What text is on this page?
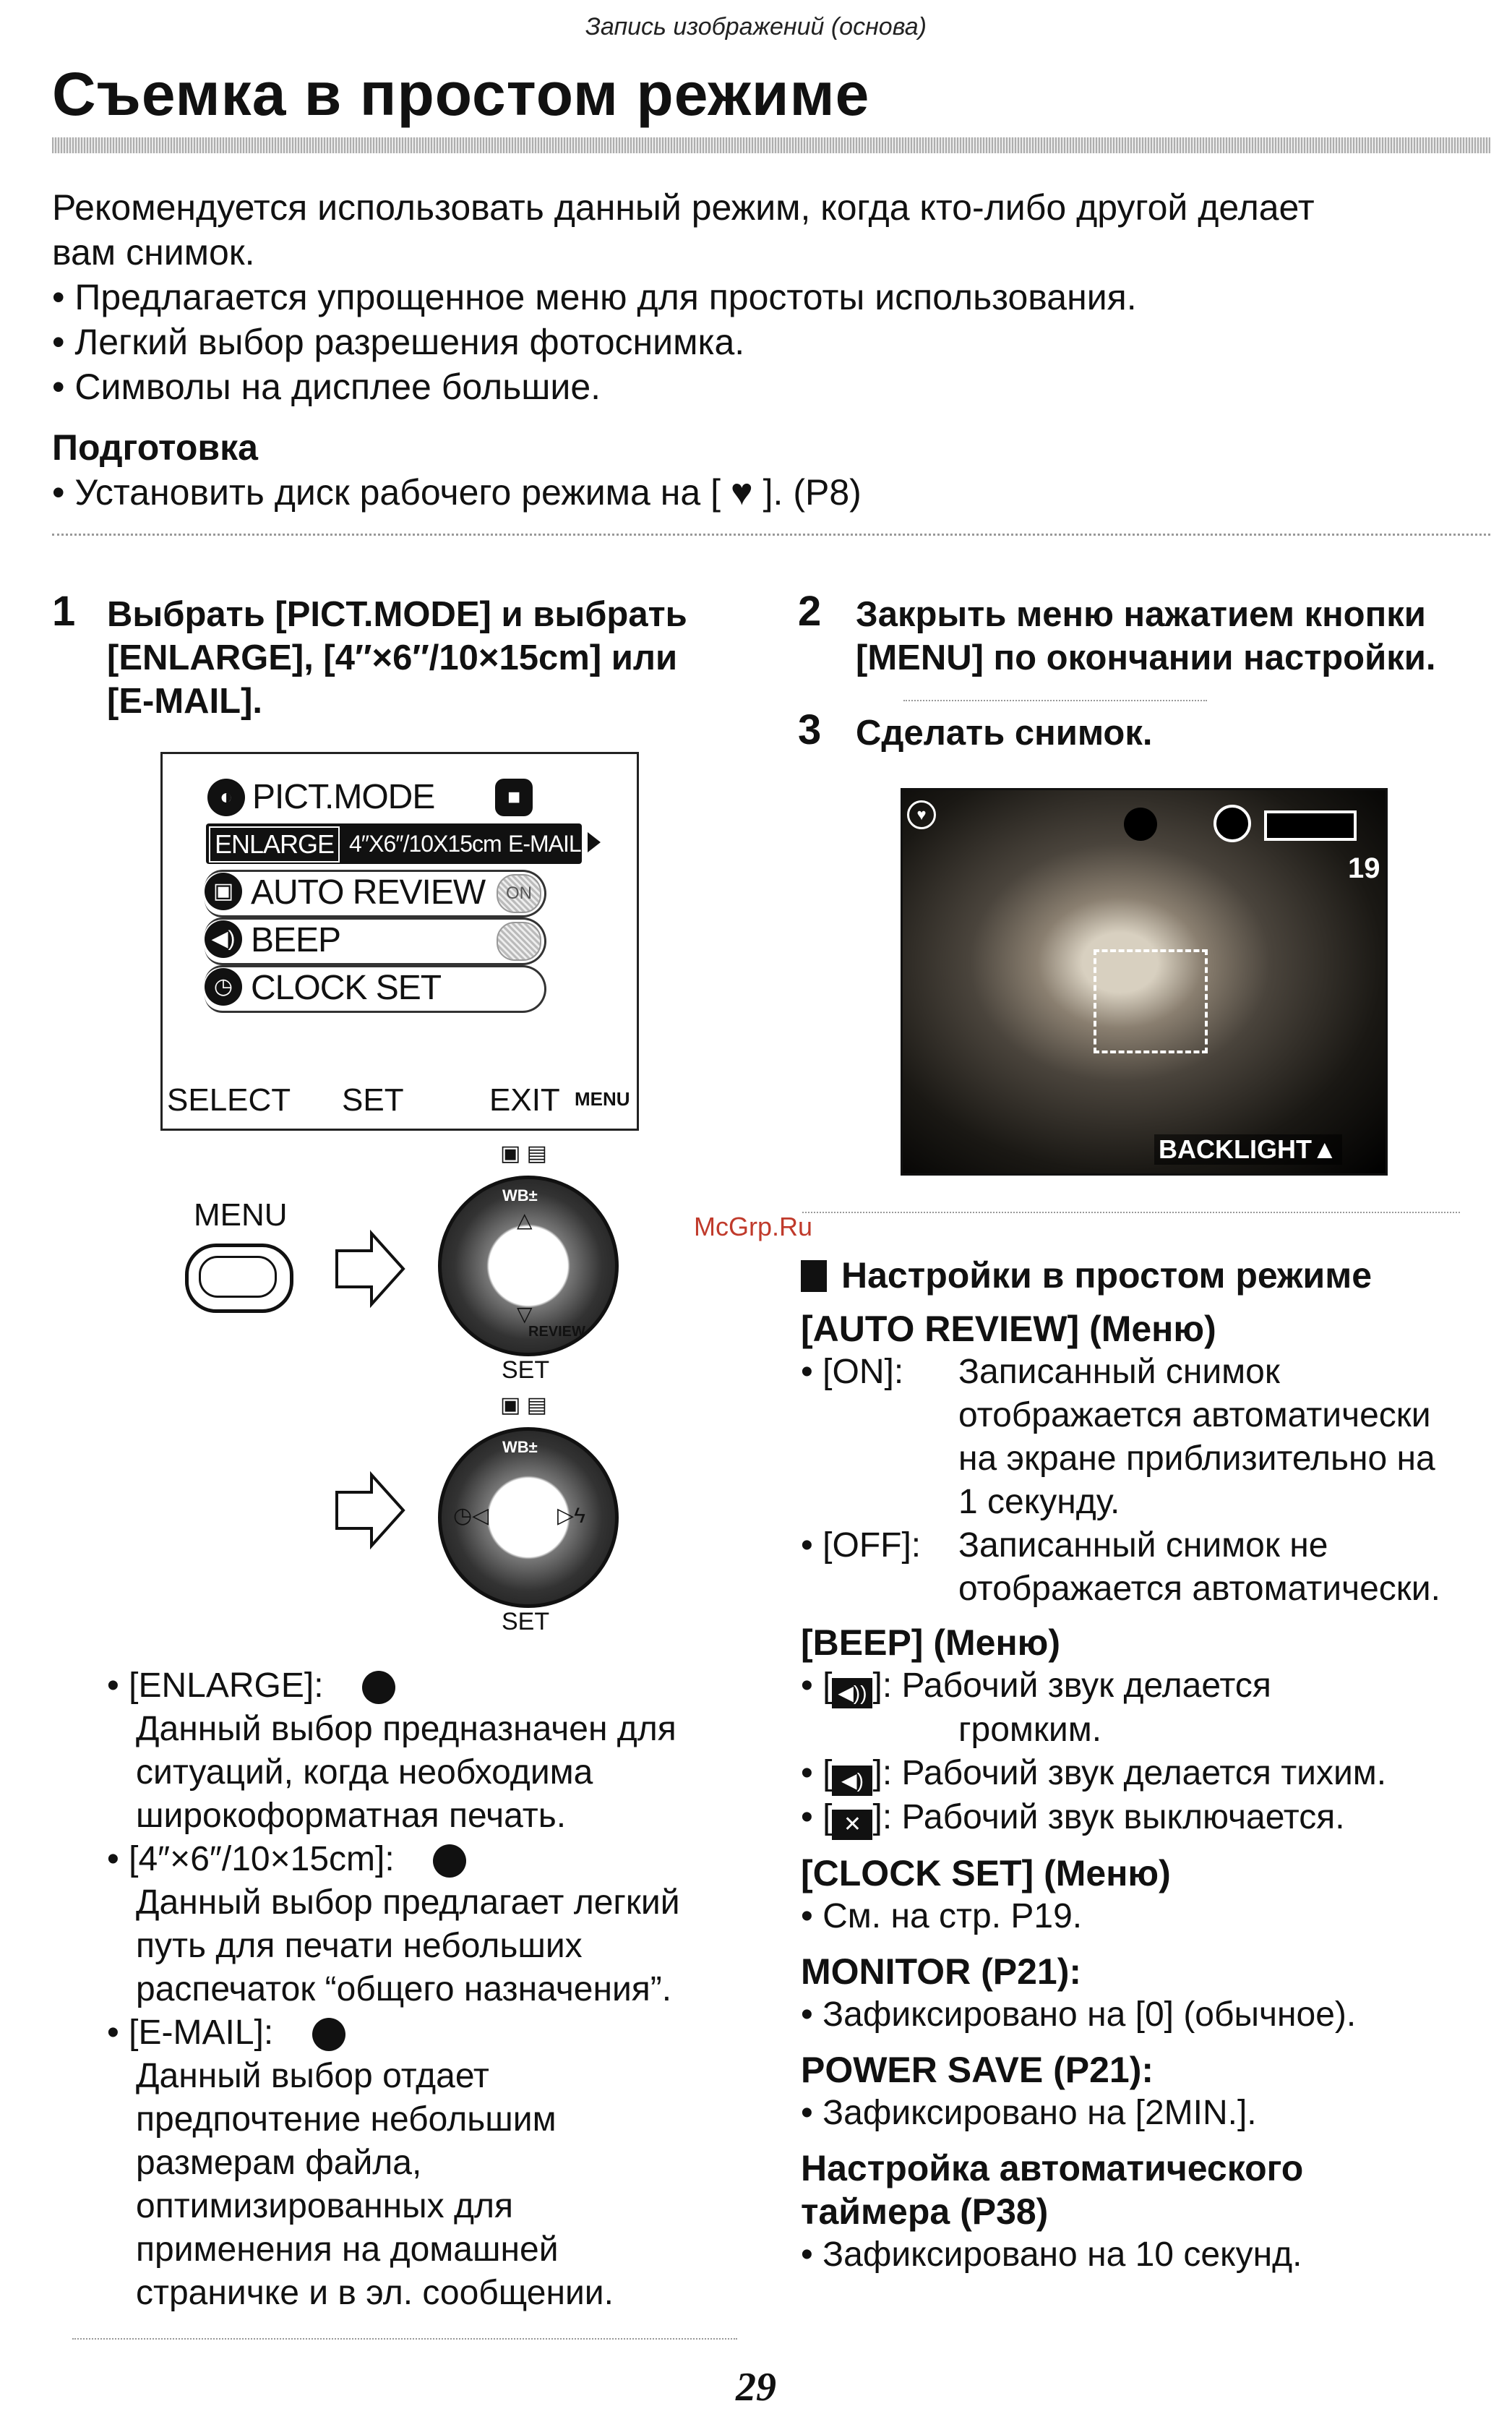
Запись изображений (основа)
Съемка в простом режиме

Рекомендуется использовать данный режим, когда кто-либо другой делает

вам снимок.

• Предлагается упрощенное меню для простоты использования.

• Легкий выбор разрешения фотоснимка.

• Символы на дисплее большие.

Подготовка

• Установить диск рабочего режима на [ ♥ ]. (P8)

1 Выбрать [PICT.MODE] и выбрать
[ENLARGE], [4″×6″/10×15cm] или
[E-MAIL].
2 Закрыть меню нажатием кнопки
[MENU] по окончании настройки.
3 Сделать снимок.
◐ PICT.MODE	■
ENLARGE 4″X6″/10X15cm E-MAIL
▣ AUTO REVIEW	ON
◀) BEEP
◷ CLOCK SET
SELECT SET	EXIT MENU
MENU
▣ ▤
WB±
△
▽
REVIEW
SET
▣ ▤
WB±
◷◁	▷ϟ
SET
• [ENLARGE]:
Данный выбор предназначен для
ситуаций, когда необходима
широкоформатная печать.
• [4″×6″/10×15cm]:
Данный выбор предлагает легкий
путь для печати небольших
распечаток “общего назначения”.
• [E-MAIL]:
Данный выбор отдает
предпочтение небольшим
размерам файла,
оптимизированных для
применения на домашней
страничке и в эл. сообщении.
♥
19
BACKLIGHT▲
McGrp.Ru
Настройки в простом режиме
[AUTO REVIEW] (Меню)
• [ON]: Записанный снимок
отображается автоматически
на экране приблизительно на
1 секунду.
• [OFF]: Записанный снимок не
отображается автоматически.
[BEEP] (Меню)
• [ ◀)) ]: Рабочий звук делается
громким.
• [ ◀) ]: Рабочий звук делается тихим.
• [ ✕ ]: Рабочий звук выключается.
[CLOCK SET] (Меню)
• См. на стр. P19.
MONITOR (P21):
• Зафиксировано на [0] (обычное).
POWER SAVE (P21):
• Зафиксировано на [2MIN.].
Настройка автоматического
таймера (P38)
• Зафиксировано на 10 секунд.
29
